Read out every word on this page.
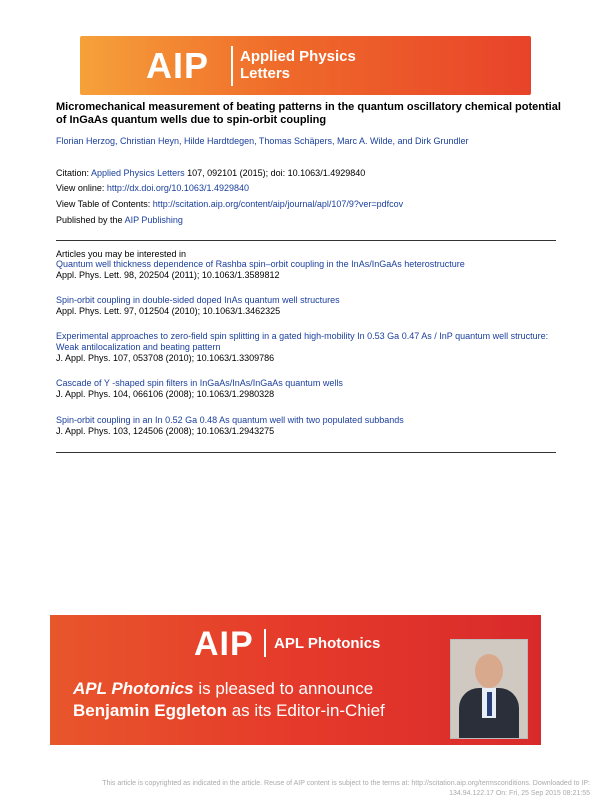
AIP Applied Physics
Letters
Micromechanical measurement of beating patterns in the quantum oscillatory chemical potential of InGaAs quantum wells due to spin-orbit coupling
Florian Herzog, Christian Heyn, Hilde Hardtdegen, Thomas Schäpers, Marc A. Wilde, and Dirk Grundler
Citation: Applied Physics Letters 107, 092101 (2015); doi: 10.1063/1.4929840
View online: http://dx.doi.org/10.1063/1.4929840
View Table of Contents: http://scitation.aip.org/content/aip/journal/apl/107/9?ver=pdfcov
Published by the AIP Publishing
Articles you may be interested in
Quantum well thickness dependence of Rashba spin–orbit coupling in the InAs/InGaAs heterostructure
Appl. Phys. Lett. 98, 202504 (2011); 10.1063/1.3589812
Spin-orbit coupling in double-sided doped InAs quantum well structures
Appl. Phys. Lett. 97, 012504 (2010); 10.1063/1.3462325
Experimental approaches to zero-field spin splitting in a gated high-mobility In 0.53 Ga 0.47 As / InP quantum well structure: Weak antilocalization and beating pattern
J. Appl. Phys. 107, 053708 (2010); 10.1063/1.3309786
Cascade of Y -shaped spin filters in InGaAs/InAs/InGaAs quantum wells
J. Appl. Phys. 104, 066106 (2008); 10.1063/1.2980328
Spin-orbit coupling in an In 0.52 Ga 0.48 As quantum well with two populated subbands
J. Appl. Phys. 103, 124506 (2008); 10.1063/1.2943275
AIP APL Photonics
APL Photonics is pleased to announce
Benjamin Eggleton as its Editor-in-Chief
This article is copyrighted as indicated in the article. Reuse of AIP content is subject to the terms at: http://scitation.aip.org/termsconditions. Downloaded to IP:
134.94.122.17 On: Fri, 25 Sep 2015 08:21:55
